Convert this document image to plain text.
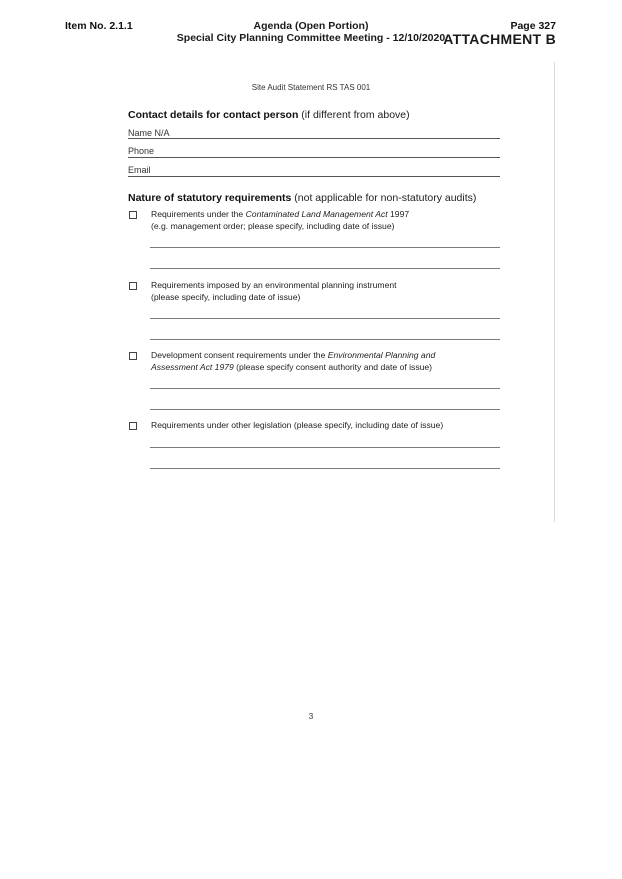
Item No. 2.1.1	Agenda (Open Portion)
Special City Planning Committee Meeting - 12/10/2020
Page 327
ATTACHMENT B
Site Audit Statement RS TAS 001
Contact details for contact person (if different from above)
Name N/A
Phone
Email
Nature of statutory requirements (not applicable for non-statutory audits)
Requirements under the Contaminated Land Management Act 1997
(e.g. management order; please specify, including date of issue)
Requirements imposed by an environmental planning instrument
(please specify, including date of issue)
Development consent requirements under the Environmental Planning and
Assessment Act 1979 (please specify consent authority and date of issue)
Requirements under other legislation (please specify, including date of issue)
3
